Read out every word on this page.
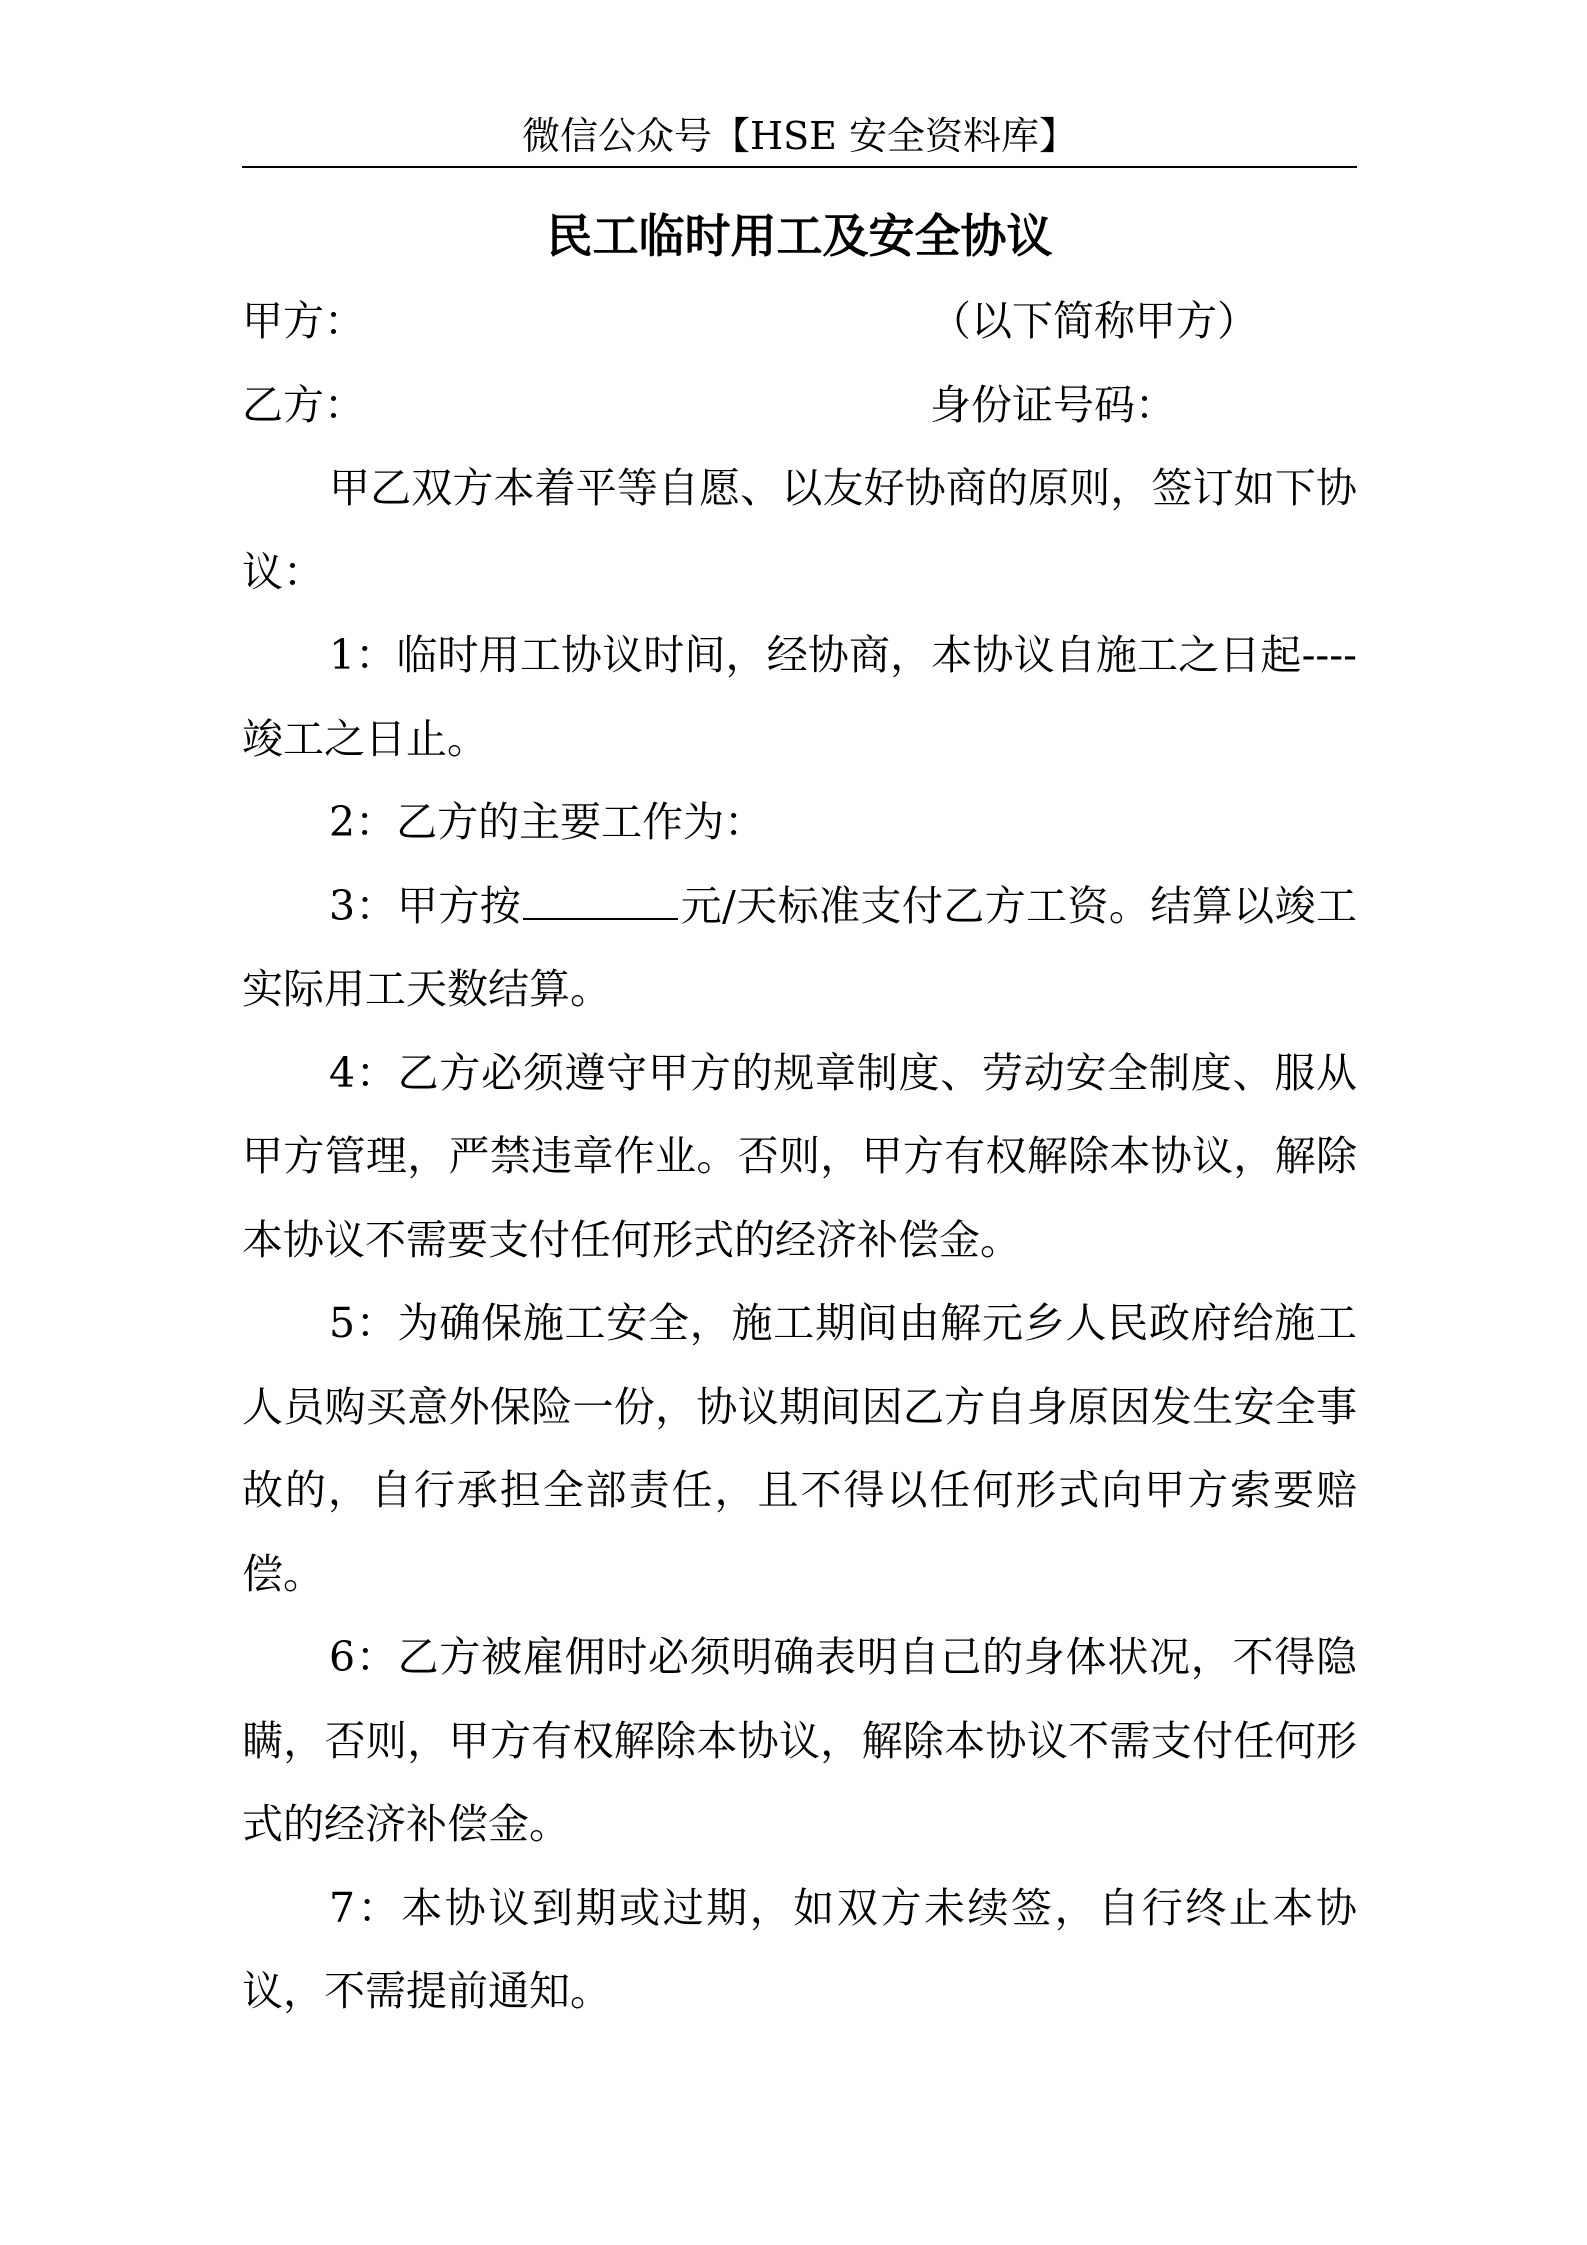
微信公众号【HSE 安全资料库】
民工临时用工及安全协议
甲方：	（以下简称甲方）
乙方：	身份证号码：

甲乙双方本着平等自愿、以友好协商的原则，签订如下协议：

1：临时用工协议时间，经协商，本协议自施工之日起----竣工之日止。

2：乙方的主要工作为：

3：甲方按	元/天标准支付乙方工资。结算以竣工实际用工天数结算。

4：乙方必须遵守甲方的规章制度、劳动安全制度、服从甲方管理，严禁违章作业。否则，甲方有权解除本协议，解除本协议不需要支付任何形式的经济补偿金。

5：为确保施工安全，施工期间由解元乡人民政府给施工人员购买意外保险一份，协议期间因乙方自身原因发生安全事故的，自行承担全部责任，且不得以任何形式向甲方索要赔偿。

6：乙方被雇佣时必须明确表明自己的身体状况，不得隐瞒，否则，甲方有权解除本协议，解除本协议不需支付任何形式的经济补偿金。

7：本协议到期或过期，如双方未续签，自行终止本协议，不需提前通知。
